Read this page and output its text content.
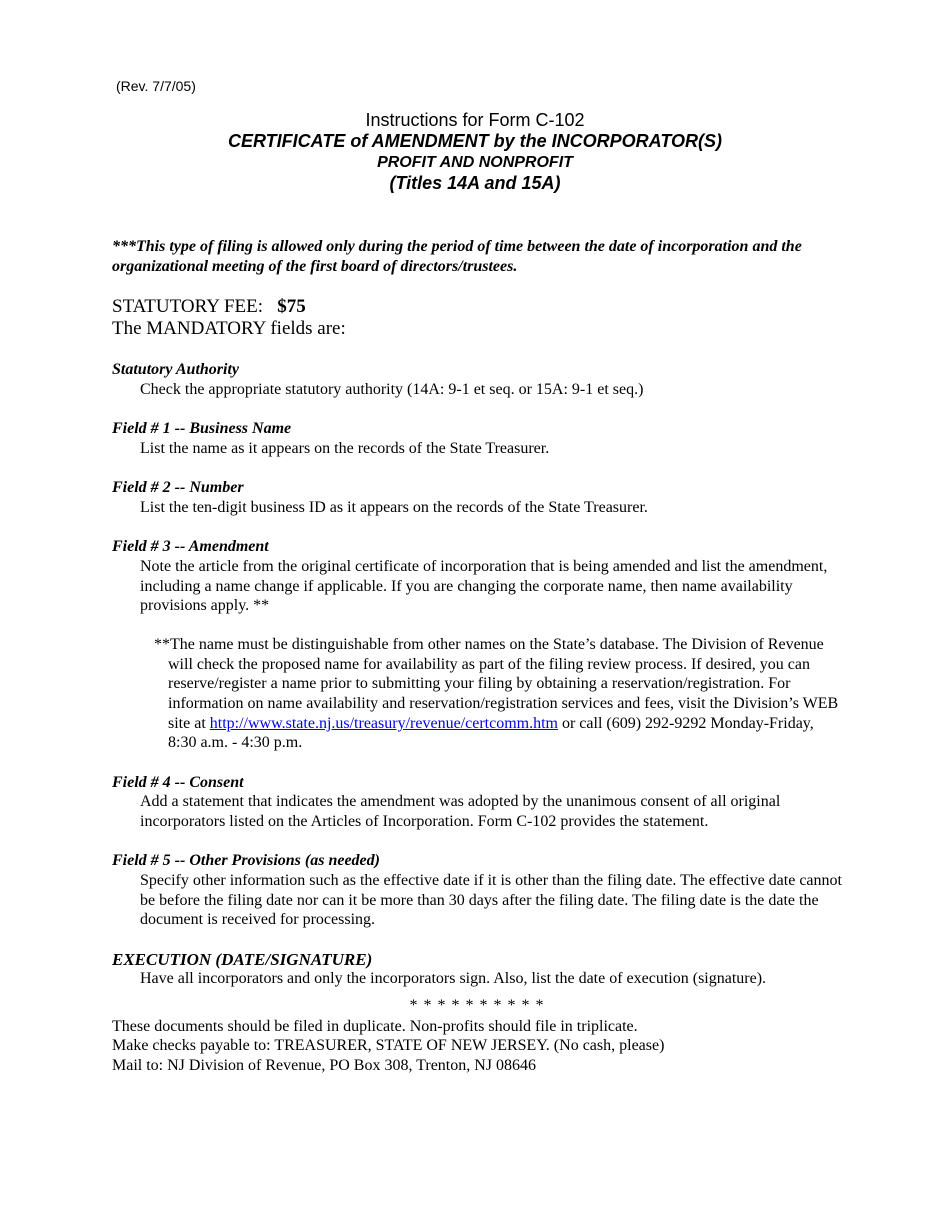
(Rev. 7/7/05)
Instructions for Form C-102
CERTIFICATE of AMENDMENT by the INCORPORATOR(S)
PROFIT AND NONPROFIT
(Titles 14A and 15A)

***This type of filing is allowed only during the period of time between the date of incorporation and the organizational meeting of the first board of directors/trustees.

STATUTORY FEE: $75
The MANDATORY fields are:
Statutory Authority
Check the appropriate statutory authority (14A: 9-1 et seq. or 15A: 9-1 et seq.)
Field # 1 -- Business Name
List the name as it appears on the records of the State Treasurer.
Field # 2 -- Number
List the ten-digit business ID as it appears on the records of the State Treasurer.
Field # 3 -- Amendment
Note the article from the original certificate of incorporation that is being amended and list the amendment, including a name change if applicable. If you are changing the corporate name, then name availability provisions apply. **
**The name must be distinguishable from other names on the State’s database. The Division of Revenue will check the proposed name for availability as part of the filing review process. If desired, you can reserve/register a name prior to submitting your filing by obtaining a reservation/registration. For information on name availability and reservation/registration services and fees, visit the Division’s WEB site at http://www.state.nj.us/treasury/revenue/certcomm.htm or call (609) 292-9292 Monday-Friday, 8:30 a.m. - 4:30 p.m.
Field # 4 -- Consent
Add a statement that indicates the amendment was adopted by the unanimous consent of all original incorporators listed on the Articles of Incorporation. Form C-102 provides the statement.
Field # 5 -- Other Provisions (as needed)
Specify other information such as the effective date if it is other than the filing date. The effective date cannot be before the filing date nor can it be more than 30 days after the filing date. The filing date is the date the document is received for processing.
EXECUTION (DATE/SIGNATURE)
Have all incorporators and only the incorporators sign. Also, list the date of execution (signature).
* * * * * * * * * *

These documents should be filed in duplicate. Non-profits should file in triplicate.

Make checks payable to: TREASURER, STATE OF NEW JERSEY. (No cash, please)

Mail to: NJ Division of Revenue, PO Box 308, Trenton, NJ 08646
